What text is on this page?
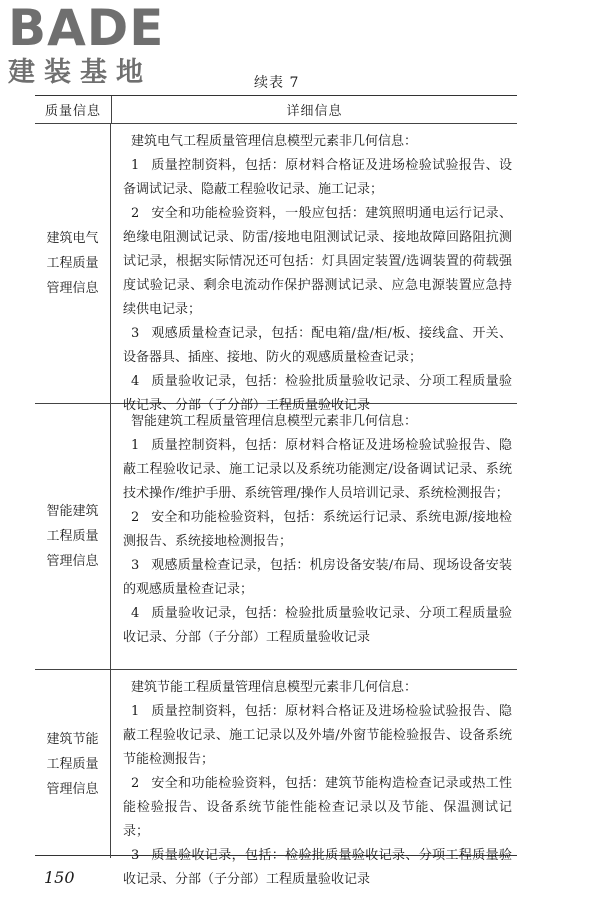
BADE
建装基地	续表 7
质量信息	详细信息
建筑电气工程质量管理信息
建筑电气工程质量管理信息模型元素非几何信息：
1 质量控制资料，包括：原材料合格证及进场检验试验报告、设备调试记录、隐蔽工程验收记录、施工记录；
2 安全和功能检验资料，一般应包括：建筑照明通电运行记录、绝缘电阻测试记录、防雷/接地电阻测试记录、接地故障回路阻抗测试记录，根据实际情况还可包括：灯具固定装置/选调装置的荷载强度试验记录、剩余电流动作保护器测试记录、应急电源装置应急持续供电记录；
3 观感质量检查记录，包括：配电箱/盘/柜/板、接线盒、开关、设备器具、插座、接地、防火的观感质量检查记录；
4 质量验收记录，包括：检验批质量验收记录、分项工程质量验收记录、分部（子分部）工程质量验收记录
智能建筑工程质量管理信息
智能建筑工程质量管理信息模型元素非几何信息：
1 质量控制资料，包括：原材料合格证及进场检验试验报告、隐蔽工程验收记录、施工记录以及系统功能测定/设备调试记录、系统技术操作/维护手册、系统管理/操作人员培训记录、系统检测报告；
2 安全和功能检验资料，包括：系统运行记录、系统电源/接地检测报告、系统接地检测报告；
3 观感质量检查记录，包括：机房设备安装/布局、现场设备安装的观感质量检查记录；
4 质量验收记录，包括：检验批质量验收记录、分项工程质量验收记录、分部（子分部）工程质量验收记录
建筑节能工程质量管理信息
建筑节能工程质量管理信息模型元素非几何信息：
1 质量控制资料，包括：原材料合格证及进场检验试验报告、隐蔽工程验收记录、施工记录以及外墙/外窗节能检验报告、设备系统节能检测报告；
2 安全和功能检验资料，包括：建筑节能构造检查记录或热工性能检验报告、设备系统节能性能检查记录以及节能、保温测试记录；
3 质量验收记录，包括：检验批质量验收记录、分项工程质量验收记录、分部（子分部）工程质量验收记录
150
